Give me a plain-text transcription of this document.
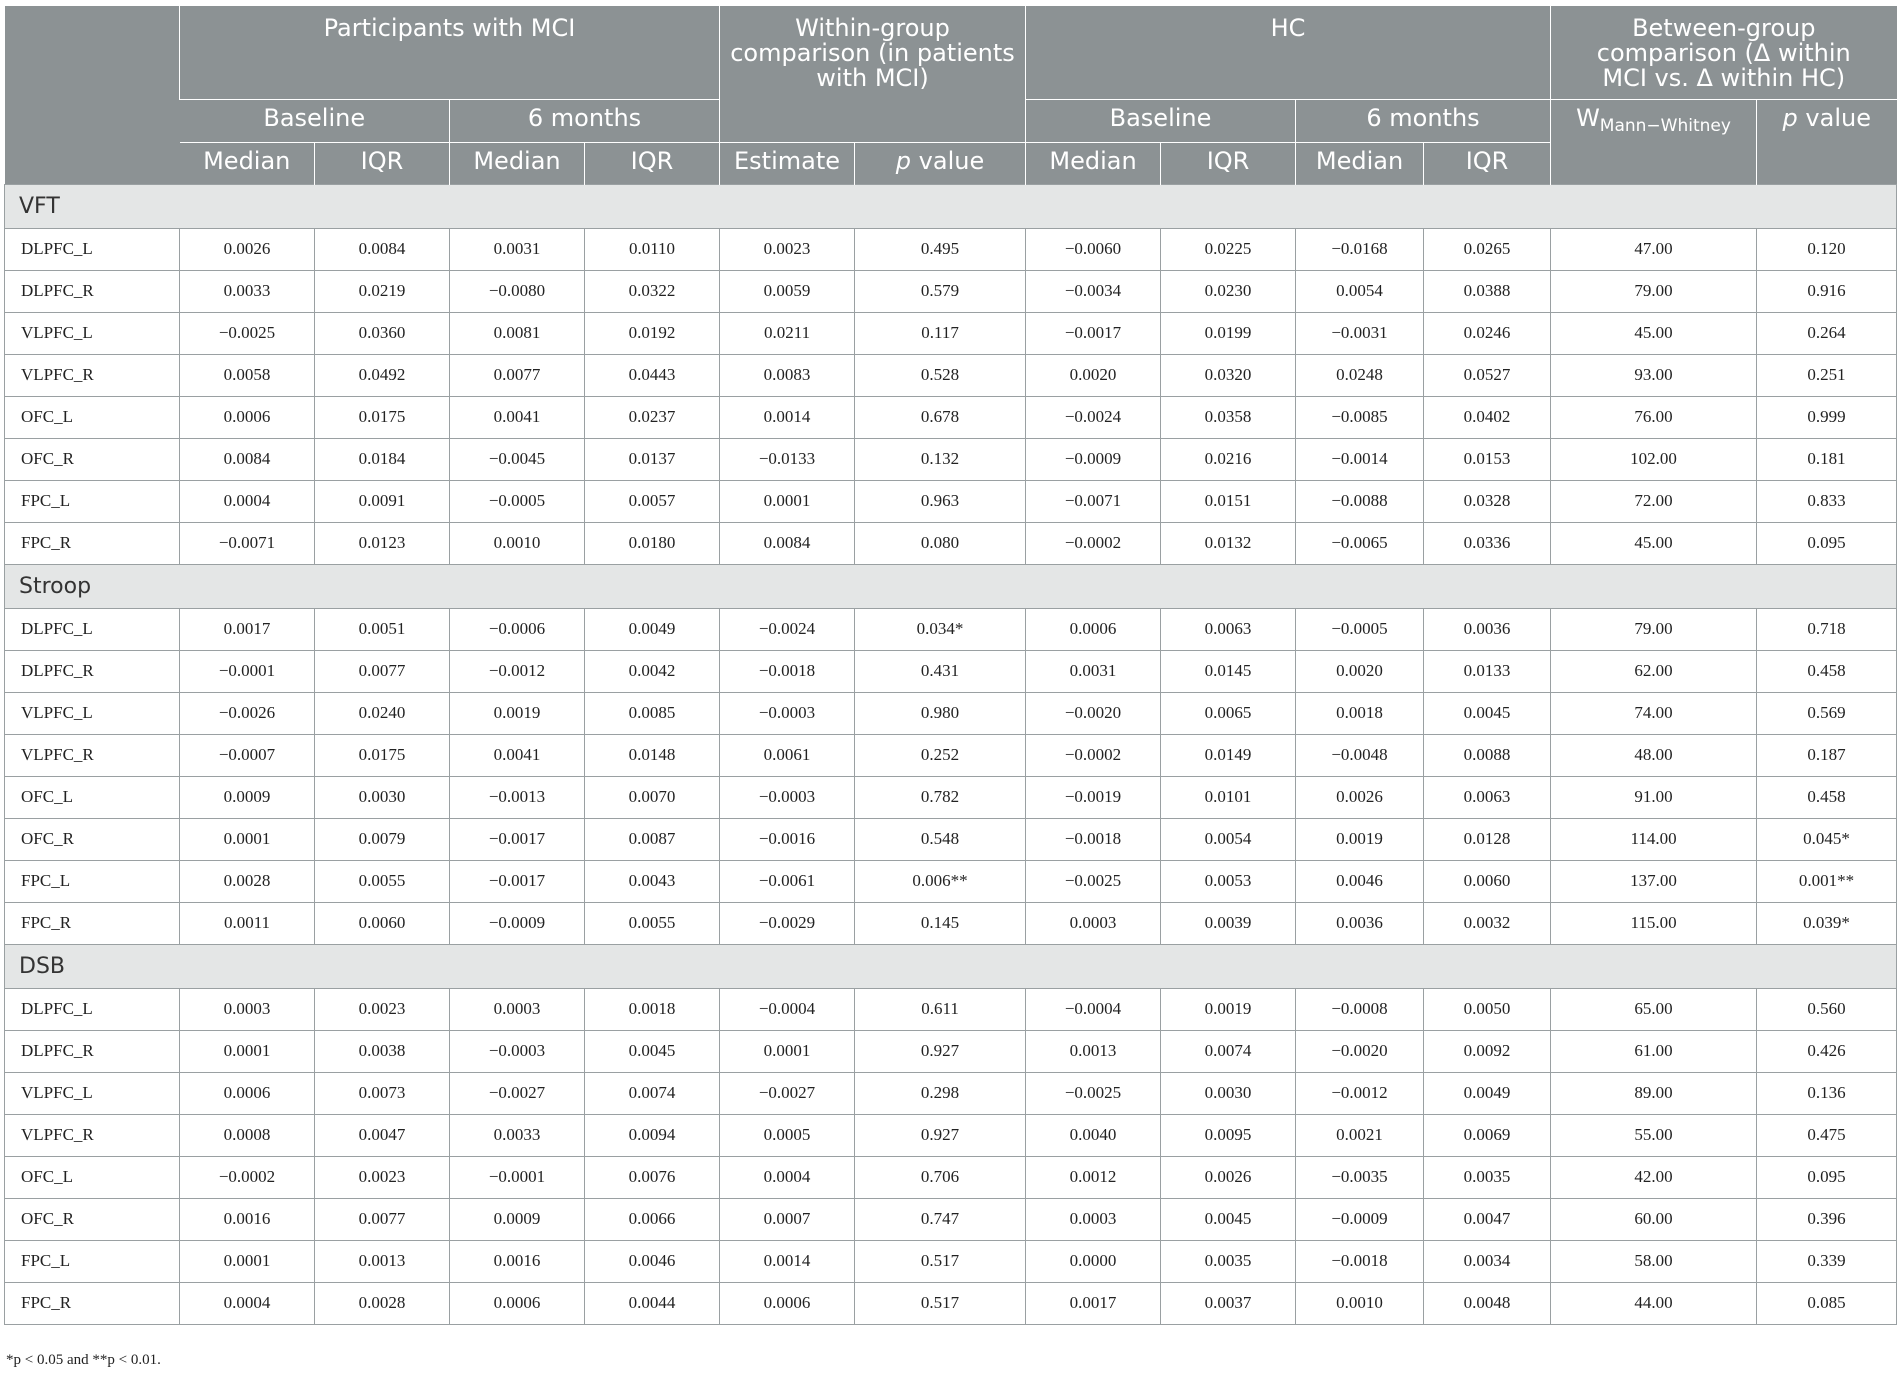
	Participants with MCI				Within-group comparison (in patients with MCI)		HC				Between-group comparison (Δ within MCI vs. Δ within HC)	
	Baseline		6 months				Baseline		6 months		$W_{Mann-Whitney}$	p value
	Median	IQR	Median	IQR	Estimate	p value	Median	IQR	Median	IQR		
VFT												
DLPFC_L	0.0026	0.0084	0.0031	0.0110	0.0023	0.495	−0.0060	0.0225	−0.0168	0.0265	47.00	0.120
DLPFC_R	0.0033	0.0219	−0.0080	0.0322	0.0059	0.579	−0.0034	0.0230	0.0054	0.0388	79.00	0.916
VLPFC_L	−0.0025	0.0360	0.0081	0.0192	0.0211	0.117	−0.0017	0.0199	−0.0031	0.0246	45.00	0.264
VLPFC_R	0.0058	0.0492	0.0077	0.0443	0.0083	0.528	0.0020	0.0320	0.0248	0.0527	93.00	0.251
OFC_L	0.0006	0.0175	0.0041	0.0237	0.0014	0.678	−0.0024	0.0358	−0.0085	0.0402	76.00	0.999
OFC_R	0.0084	0.0184	−0.0045	0.0137	−0.0133	0.132	−0.0009	0.0216	−0.0014	0.0153	102.00	0.181
FPC_L	0.0004	0.0091	−0.0005	0.0057	0.0001	0.963	−0.0071	0.0151	−0.0088	0.0328	72.00	0.833
FPC_R	−0.0071	0.0123	0.0010	0.0180	0.0084	0.080	−0.0002	0.0132	−0.0065	0.0336	45.00	0.095
Stroop												
DLPFC_L	0.0017	0.0051	−0.0006	0.0049	−0.0024	0.034*	0.0006	0.0063	−0.0005	0.0036	79.00	0.718
DLPFC_R	−0.0001	0.0077	−0.0012	0.0042	−0.0018	0.431	0.0031	0.0145	0.0020	0.0133	62.00	0.458
VLPFC_L	−0.0026	0.0240	0.0019	0.0085	−0.0003	0.980	−0.0020	0.0065	0.0018	0.0045	74.00	0.569
VLPFC_R	−0.0007	0.0175	0.0041	0.0148	0.0061	0.252	−0.0002	0.0149	−0.0048	0.0088	48.00	0.187
OFC_L	0.0009	0.0030	−0.0013	0.0070	−0.0003	0.782	−0.0019	0.0101	0.0026	0.0063	91.00	0.458
OFC_R	0.0001	0.0079	−0.0017	0.0087	−0.0016	0.548	−0.0018	0.0054	0.0019	0.0128	114.00	0.045*
FPC_L	0.0028	0.0055	−0.0017	0.0043	−0.0061	0.006**	−0.0025	0.0053	0.0046	0.0060	137.00	0.001**
FPC_R	0.0011	0.0060	−0.0009	0.0055	−0.0029	0.145	0.0003	0.0039	0.0036	0.0032	115.00	0.039*
DSB												
DLPFC_L	0.0003	0.0023	0.0003	0.0018	−0.0004	0.611	−0.0004	0.0019	−0.0008	0.0050	65.00	0.560
DLPFC_R	0.0001	0.0038	−0.0003	0.0045	0.0001	0.927	0.0013	0.0074	−0.0020	0.0092	61.00	0.426
VLPFC_L	0.0006	0.0073	−0.0027	0.0074	−0.0027	0.298	−0.0025	0.0030	−0.0012	0.0049	89.00	0.136
VLPFC_R	0.0008	0.0047	0.0033	0.0094	0.0005	0.927	0.0040	0.0095	0.0021	0.0069	55.00	0.475
OFC_L	−0.0002	0.0023	−0.0001	0.0076	0.0004	0.706	0.0012	0.0026	−0.0035	0.0035	42.00	0.095
OFC_R	0.0016	0.0077	0.0009	0.0066	0.0007	0.747	0.0003	0.0045	−0.0009	0.0047	60.00	0.396
FPC_L	0.0001	0.0013	0.0016	0.0046	0.0014	0.517	0.0000	0.0035	−0.0018	0.0034	58.00	0.339
FPC_R	0.0004	0.0028	0.0006	0.0044	0.0006	0.517	0.0017	0.0037	0.0010	0.0048	44.00	0.085
*p < 0.05 and **p < 0.01.
